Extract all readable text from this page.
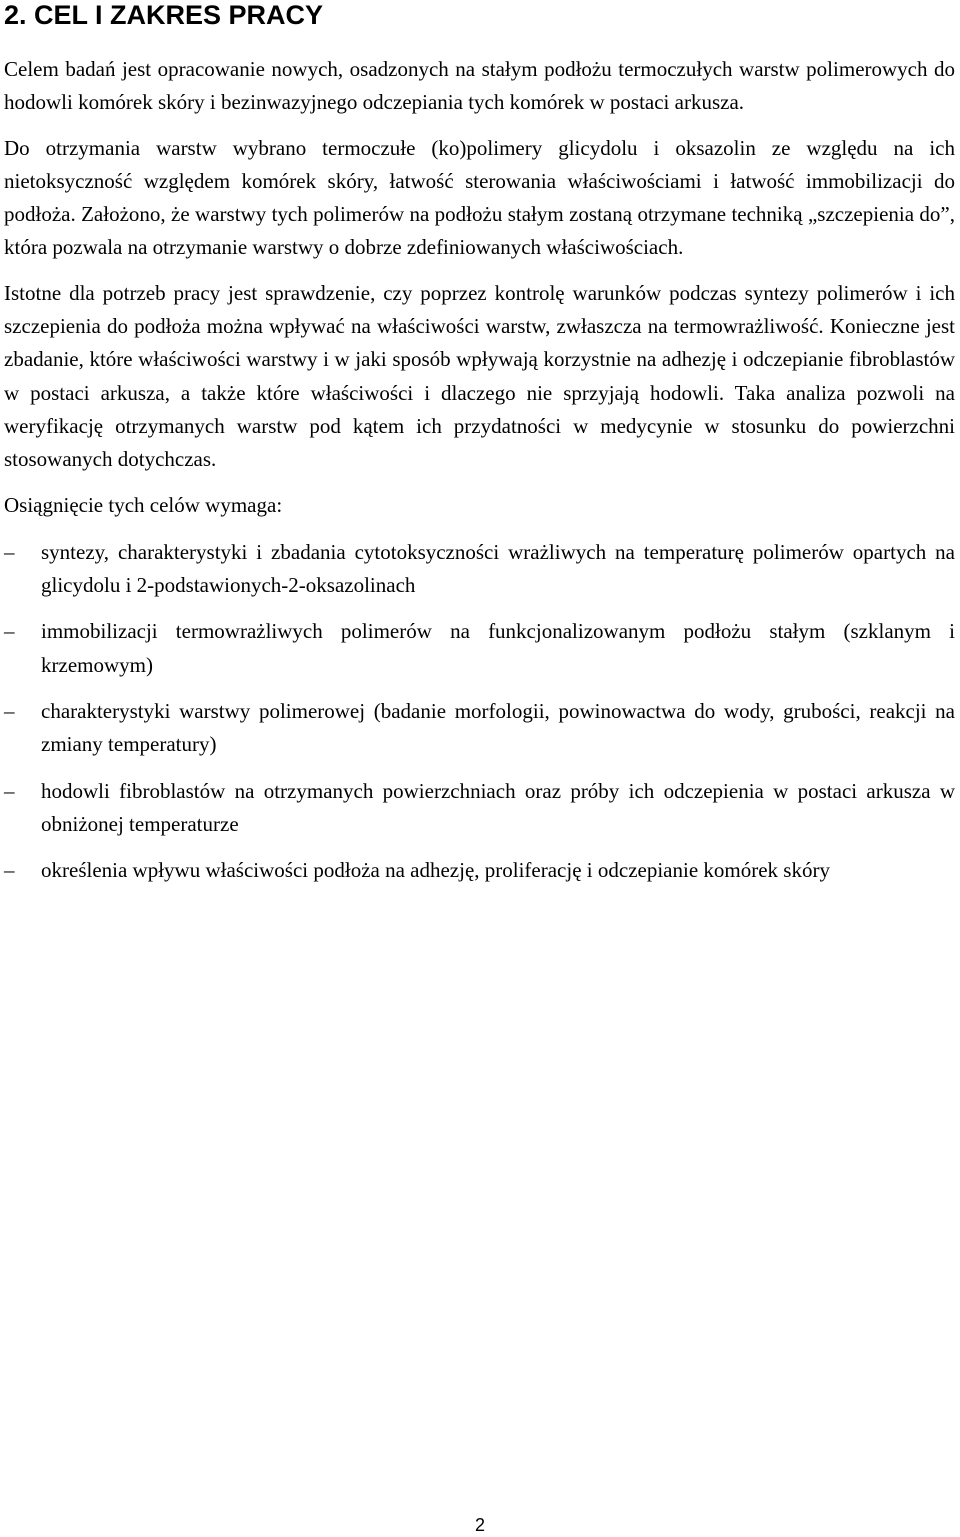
2. CEL I ZAKRES PRACY

Celem badań jest opracowanie nowych, osadzonych na stałym podłożu termoczułych warstw polimerowych do hodowli komórek skóry i bezinwazyjnego odczepiania tych komórek w postaci arkusza.

Do otrzymania warstw wybrano termoczułe (ko)polimery glicydolu i oksazolin ze względu na ich nietoksyczność względem komórek skóry, łatwość sterowania właściwościami i łatwość immobilizacji do podłoża. Założono, że warstwy tych polimerów na podłożu stałym zostaną otrzymane techniką „szczepienia do”, która pozwala na otrzymanie warstwy o dobrze zdefiniowanych właściwościach.

Istotne dla potrzeb pracy jest sprawdzenie, czy poprzez kontrolę warunków podczas syntezy polimerów i ich szczepienia do podłoża można wpływać na właściwości warstw, zwłaszcza na termowrażliwość. Konieczne jest zbadanie, które właściwości warstwy i w jaki sposób wpływają korzystnie na adhezję i odczepianie fibroblastów w postaci arkusza, a także które właściwości i dlaczego nie sprzyjają hodowli. Taka analiza pozwoli na weryfikację otrzymanych warstw pod kątem ich przydatności w medycynie w stosunku do powierzchni stosowanych dotychczas.

Osiągnięcie tych celów wymaga:

–	syntezy, charakterystyki i zbadania cytotoksyczności wrażliwych na temperaturę polimerów opartych na glicydolu i 2-podstawionych-2-oksazolinach
–	immobilizacji termowrażliwych polimerów na funkcjonalizowanym podłożu stałym (szklanym i krzemowym)
–	charakterystyki warstwy polimerowej (badanie morfologii, powinowactwa do wody, grubości, reakcji na zmiany temperatury)
–	hodowli fibroblastów na otrzymanych powierzchniach oraz próby ich odczepienia w postaci arkusza w obniżonej temperaturze
–	określenia wpływu właściwości podłoża na adhezję, proliferację i odczepianie komórek skóry
2
